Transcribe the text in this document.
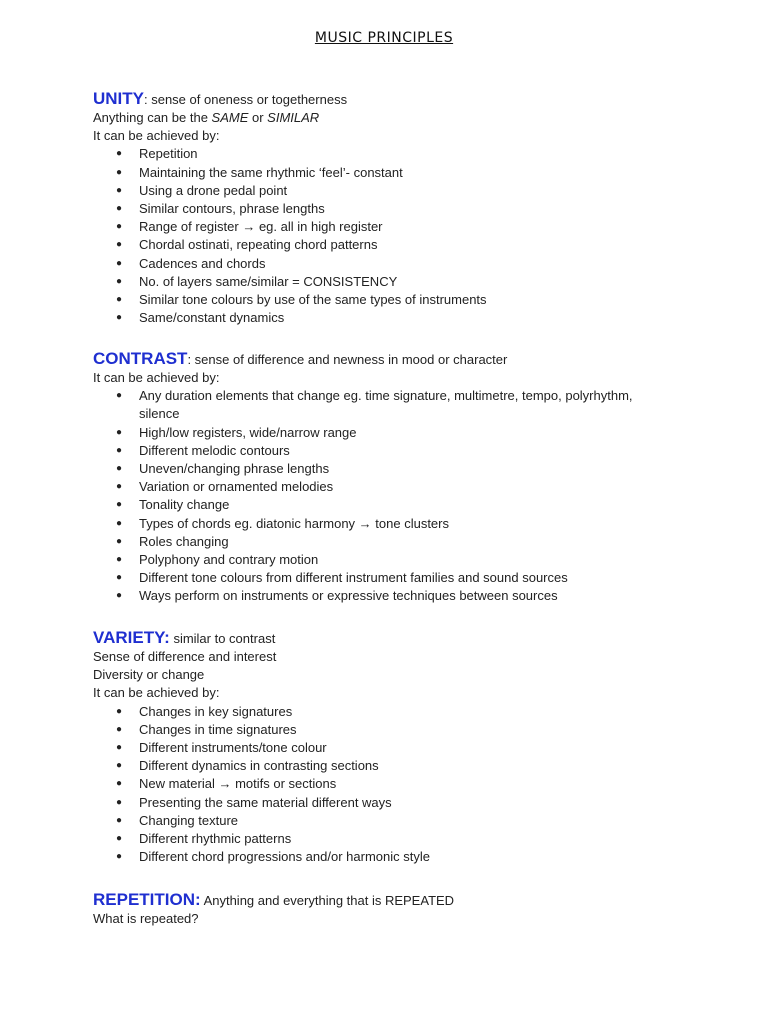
MUSIC PRINCIPLES
UNITY: sense of oneness or togetherness
Anything can be the SAME or SIMILAR
It can be achieved by:
● Repetition
● Maintaining the same rhythmic ‘feel’- constant
● Using a drone pedal point
● Similar contours, phrase lengths
● Range of register → eg. all in high register
● Chordal ostinati, repeating chord patterns
● Cadences and chords
● No. of layers same/similar = CONSISTENCY
● Similar tone colours by use of the same types of instruments
● Same/constant dynamics
CONTRAST: sense of difference and newness in mood or character
It can be achieved by:
● Any duration elements that change eg. time signature, multimetre, tempo, polyrhythm, silence
● High/low registers, wide/narrow range
● Different melodic contours
● Uneven/changing phrase lengths
● Variation or ornamented melodies
● Tonality change
● Types of chords eg. diatonic harmony → tone clusters
● Roles changing
● Polyphony and contrary motion
● Different tone colours from different instrument families and sound sources
● Ways perform on instruments or expressive techniques between sources
VARIETY: similar to contrast
Sense of difference and interest
Diversity or change
It can be achieved by:
● Changes in key signatures
● Changes in time signatures
● Different instruments/tone colour
● Different dynamics in contrasting sections
● New material → motifs or sections
● Presenting the same material different ways
● Changing texture
● Different rhythmic patterns
● Different chord progressions and/or harmonic style
REPETITION: Anything and everything that is REPEATED
What is repeated?
